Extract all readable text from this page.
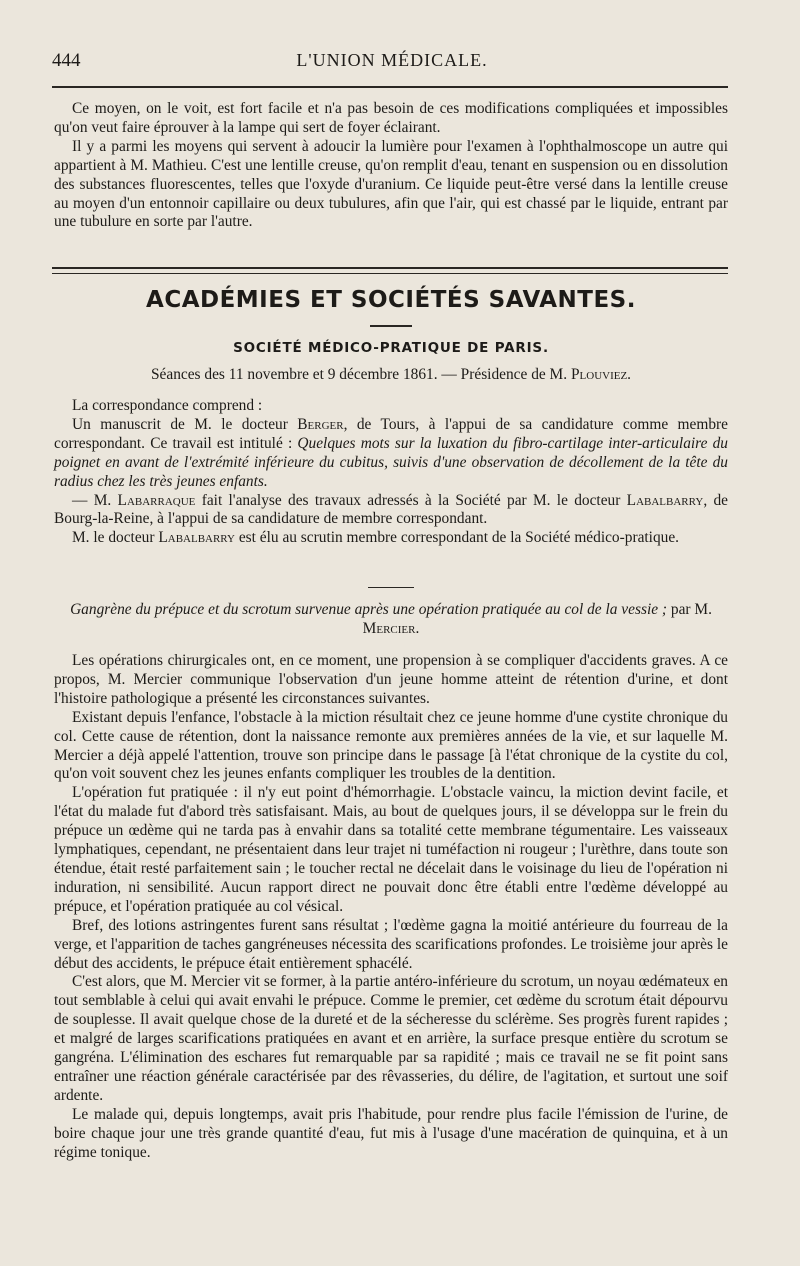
444	L'UNION MÉDICALE.

Ce moyen, on le voit, est fort facile et n'a pas besoin de ces modifications compliquées et impossibles qu'on veut faire éprouver à la lampe qui sert de foyer éclairant.

Il y a parmi les moyens qui servent à adoucir la lumière pour l'examen à l'ophthalmoscope un autre qui appartient à M. Mathieu. C'est une lentille creuse, qu'on remplit d'eau, tenant en suspension ou en dissolution des substances fluorescentes, telles que l'oxyde d'uranium. Ce liquide peut-être versé dans la lentille creuse au moyen d'un entonnoir capillaire ou deux tubulures, afin que l'air, qui est chassé par le liquide, entrant par une tubulure en sorte par l'autre.

ACADÉMIES ET SOCIÉTÉS SAVANTES.
SOCIÉTÉ MÉDICO-PRATIQUE DE PARIS.
Séances des 11 novembre et 9 décembre 1861. — Présidence de M. Plouviez.

La correspondance comprend :

Un manuscrit de M. le docteur Berger, de Tours, à l'appui de sa candidature comme membre correspondant. Ce travail est intitulé : Quelques mots sur la luxation du fibro-cartilage inter-articulaire du poignet en avant de l'extrémité inférieure du cubitus, suivis d'une observation de décollement de la tête du radius chez les très jeunes enfants.

— M. Labarraque fait l'analyse des travaux adressés à la Société par M. le docteur Labalbarry, de Bourg-la-Reine, à l'appui de sa candidature de membre correspondant.

M. le docteur Labalbarry est élu au scrutin membre correspondant de la Société médico-pratique.

Gangrène du prépuce et du scrotum survenue après une opération pratiquée au col de la vessie ; par M. Mercier.

Les opérations chirurgicales ont, en ce moment, une propension à se compliquer d'accidents graves. A ce propos, M. Mercier communique l'observation d'un jeune homme atteint de rétention d'urine, et dont l'histoire pathologique a présenté les circonstances suivantes.

Existant depuis l'enfance, l'obstacle à la miction résultait chez ce jeune homme d'une cystite chronique du col. Cette cause de rétention, dont la naissance remonte aux premières années de la vie, et sur laquelle M. Mercier a déjà appelé l'attention, trouve son principe dans le passage [à l'état chronique de la cystite du col, qu'on voit souvent chez les jeunes enfants compliquer les troubles de la dentition.

L'opération fut pratiquée : il n'y eut point d'hémorrhagie. L'obstacle vaincu, la miction devint facile, et l'état du malade fut d'abord très satisfaisant. Mais, au bout de quelques jours, il se développa sur le frein du prépuce un œdème qui ne tarda pas à envahir dans sa totalité cette membrane tégumentaire. Les vaisseaux lymphatiques, cependant, ne présentaient dans leur trajet ni tuméfaction ni rougeur ; l'urèthre, dans toute son étendue, était resté parfaitement sain ; le toucher rectal ne décelait dans le voisinage du lieu de l'opération ni induration, ni sensibilité. Aucun rapport direct ne pouvait donc être établi entre l'œdème développé au prépuce, et l'opération pratiquée au col vésical.

Bref, des lotions astringentes furent sans résultat ; l'œdème gagna la moitié antérieure du fourreau de la verge, et l'apparition de taches gangréneuses nécessita des scarifications profondes. Le troisième jour après le début des accidents, le prépuce était entièrement sphacélé.

C'est alors, que M. Mercier vit se former, à la partie antéro-inférieure du scrotum, un noyau œdémateux en tout semblable à celui qui avait envahi le prépuce. Comme le premier, cet œdème du scrotum était dépourvu de souplesse. Il avait quelque chose de la dureté et de la sécheresse du sclérème. Ses progrès furent rapides ; et malgré de larges scarifications pratiquées en avant et en arrière, la surface presque entière du scrotum se gangréna. L'élimination des eschares fut remarquable par sa rapidité ; mais ce travail ne se fit point sans entraîner une réaction générale caractérisée par des rêvasseries, du délire, de l'agitation, et surtout une soif ardente.

Le malade qui, depuis longtemps, avait pris l'habitude, pour rendre plus facile l'émission de l'urine, de boire chaque jour une très grande quantité d'eau, fut mis à l'usage d'une macération de quinquina, et à un régime tonique.
